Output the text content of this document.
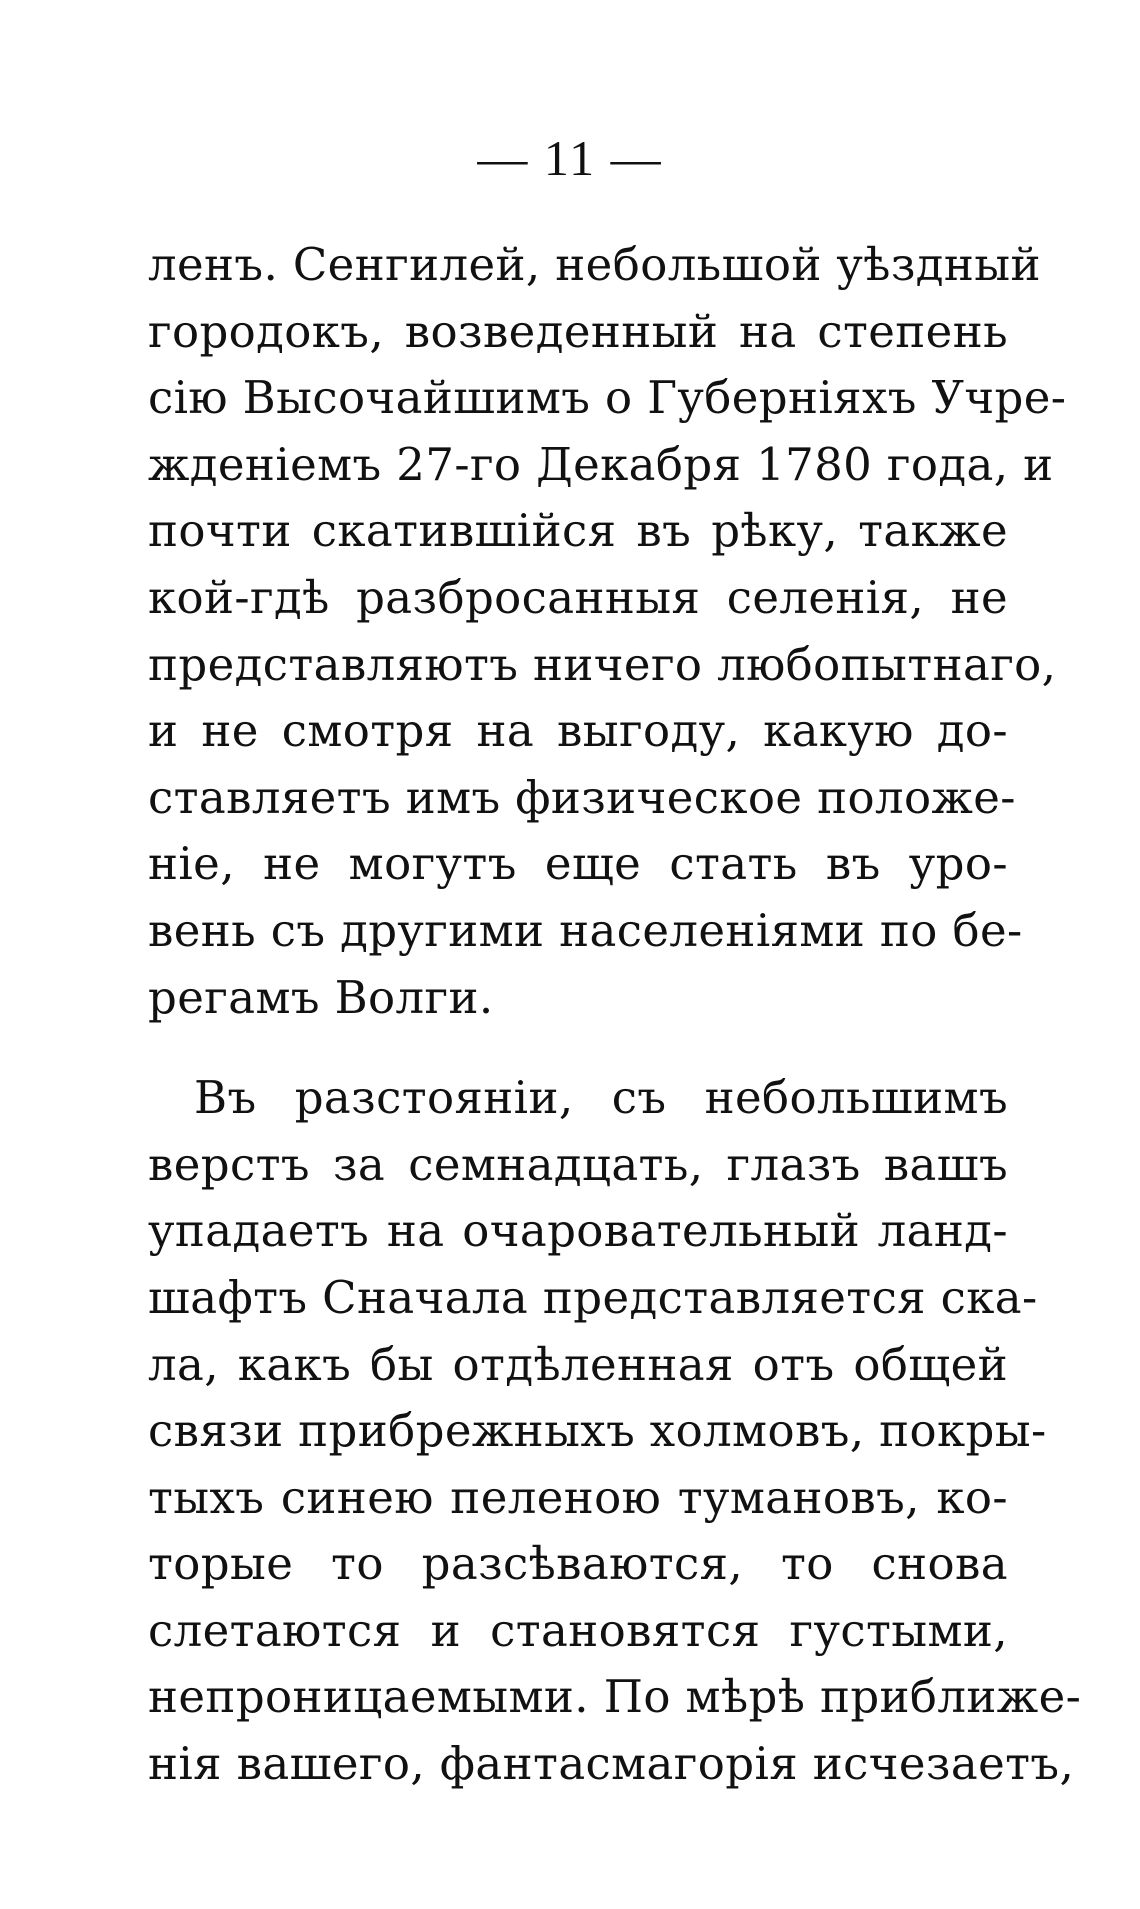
— 11 —
ленъ. Сенгилей, небольшой уѣздный
городокъ, возведенный на степень
сiю Высочайшимъ о Губернiяхъ Учре-
жденiемъ 27-го Декабря 1780 года, и
почти скатившiйся въ рѣку, также
кой-гдѣ разбросанныя селенiя, не
представляютъ ничего любопытнаго,
и не смотря на выгоду, какую до-
ставляетъ имъ физическое положе-
нiе, не могутъ еще стать въ уро-
вень съ другими населенiями по бе-
регамъ Волги.
Въ разстоянiи, съ небольшимъ
верстъ за семнадцать, глазъ вашъ
упадаетъ на очаровательный ланд-
шафтъ Сначала представляется ска-
ла, какъ бы отдѣленная отъ общей
связи прибрежныхъ холмовъ, покры-
тыхъ синею пеленою тумановъ, ко-
торые то разсѣваются, то снова
слетаются и становятся густыми,
непроницаемыми. По мѣрѣ приближе-
нiя вашего, фантасмагорiя исчезаетъ,
